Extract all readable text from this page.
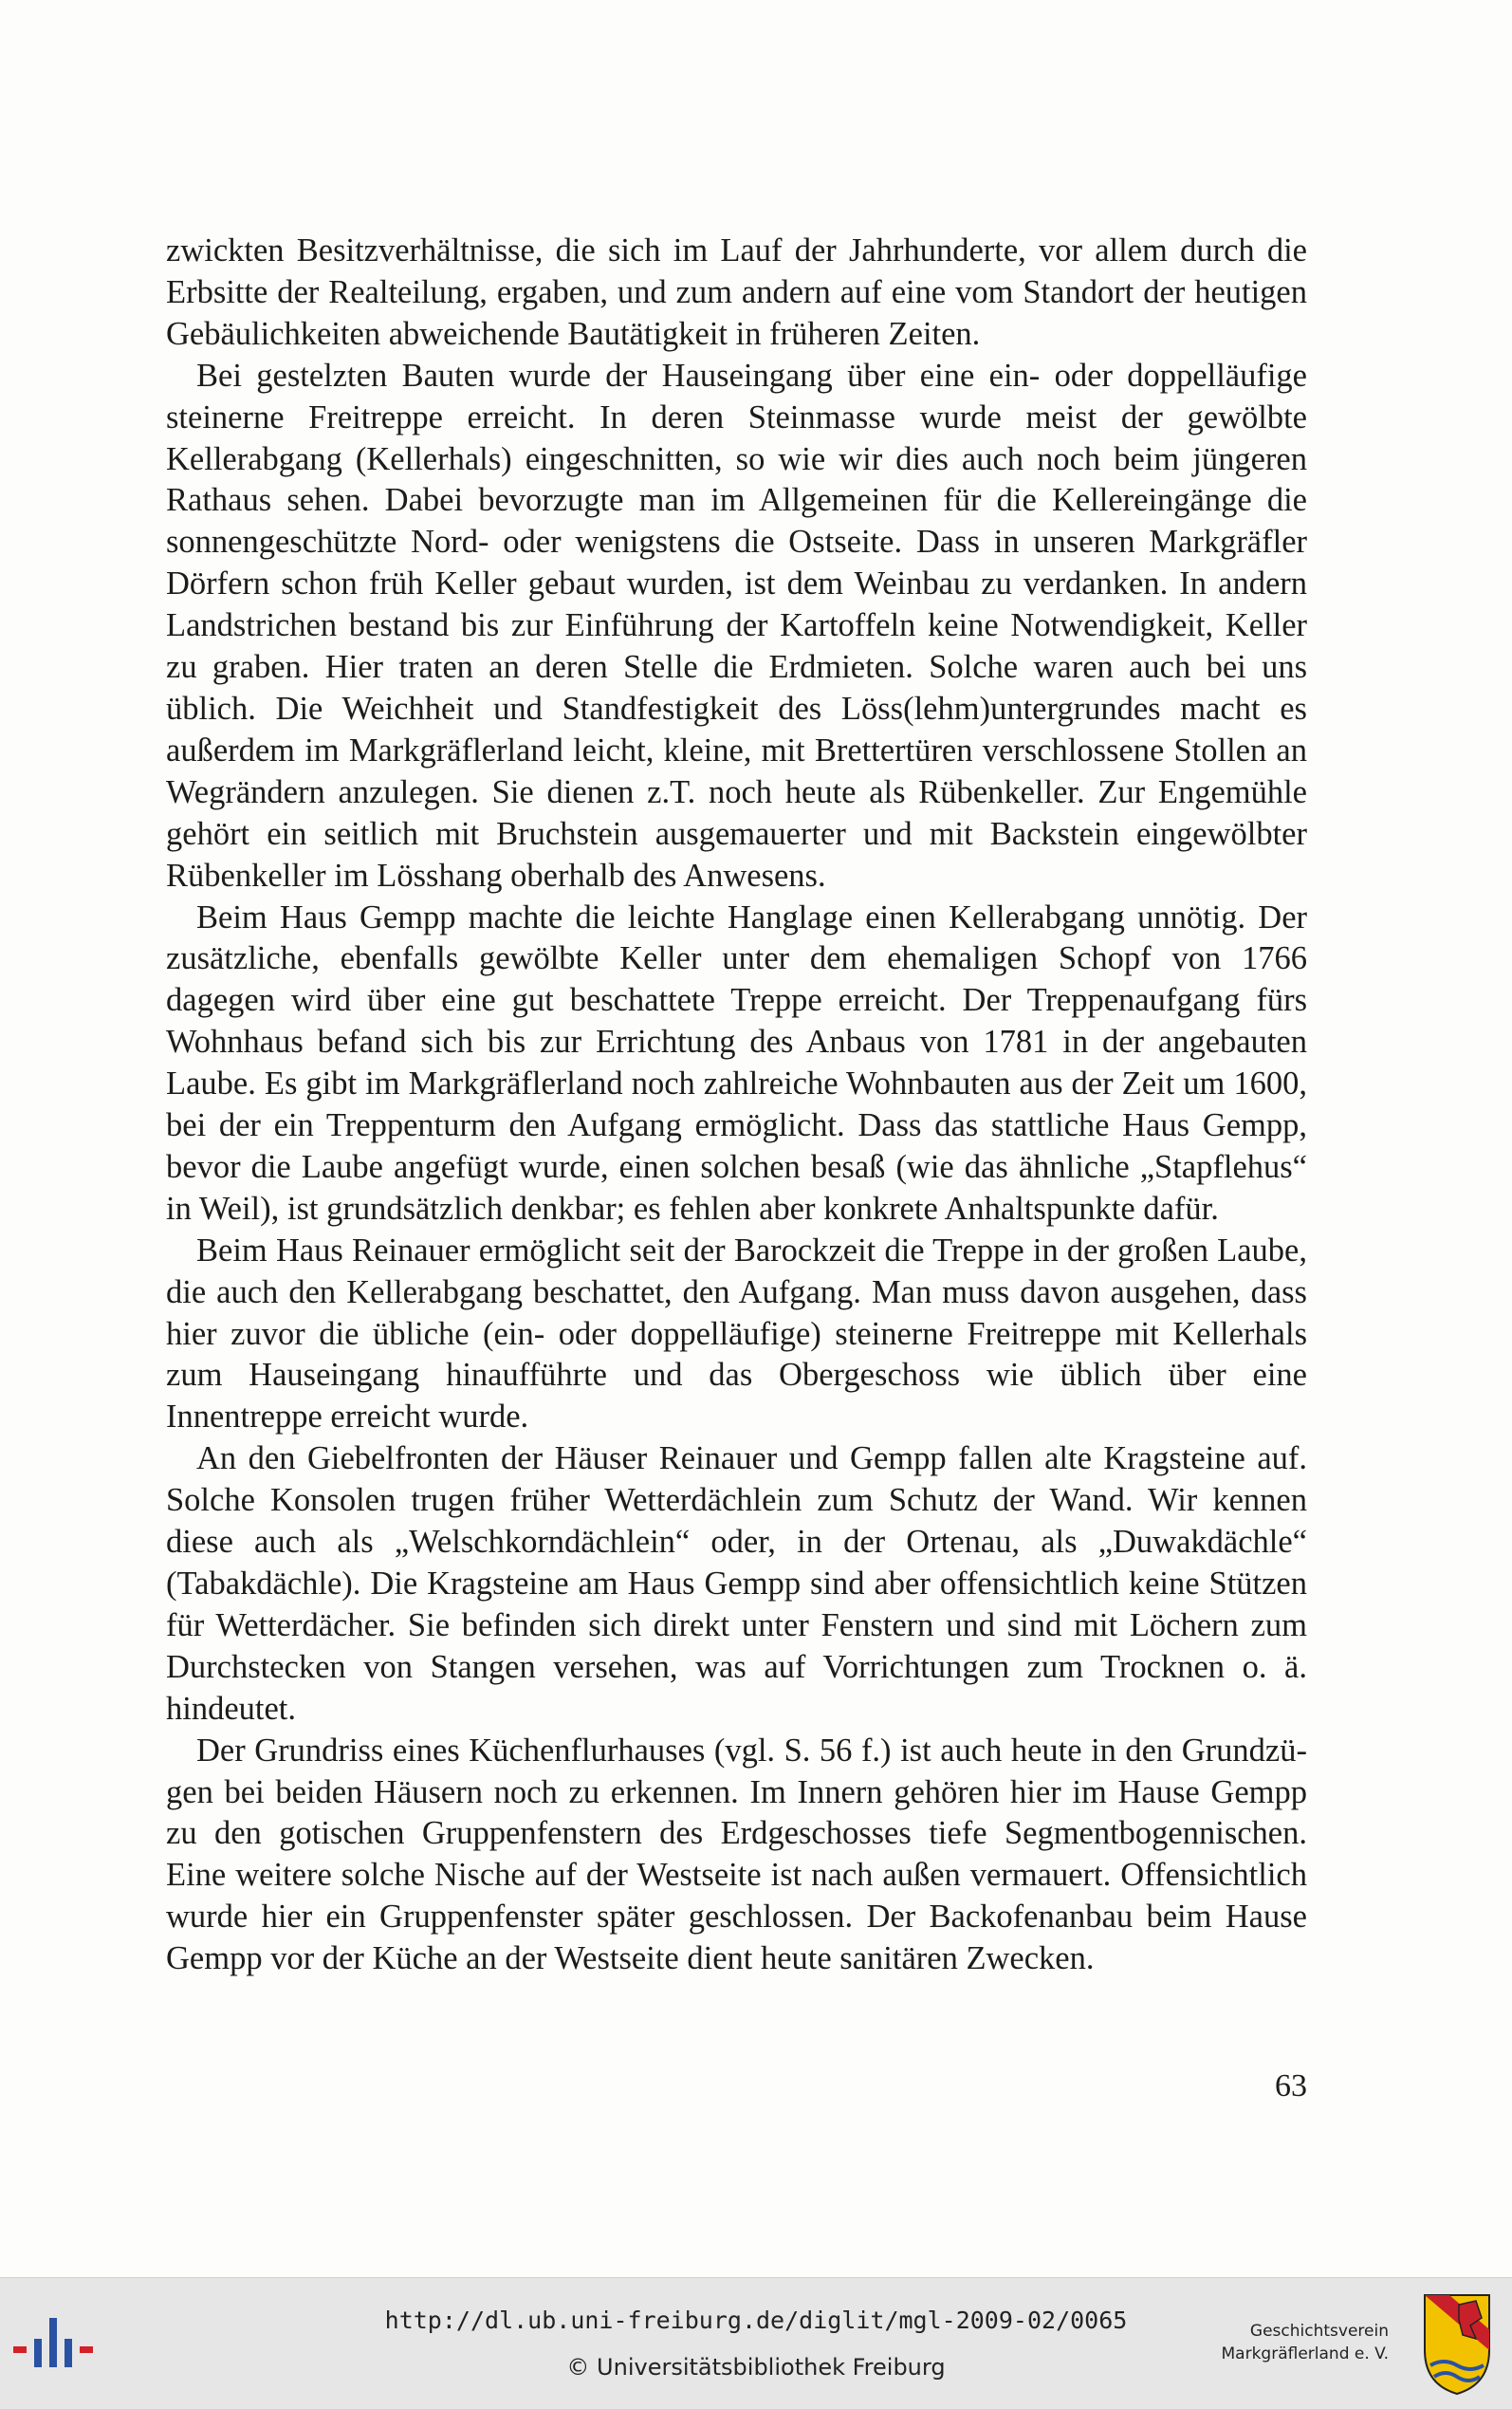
zwickten Besitzverhältnisse, die sich im Lauf der Jahrhunderte, vor allem durch die Erbsitte der Realteilung, ergaben, und zum andern auf eine vom Standort der heutigen Gebäulichkeiten abweichende Bautätigkeit in früheren Zeiten.

Bei gestelzten Bauten wurde der Hauseingang über eine ein- oder doppelläufige steinerne Freitreppe erreicht. In deren Steinmasse wurde meist der gewölbte Kellerabgang (Kellerhals) eingeschnitten, so wie wir dies auch noch beim jüngeren Rathaus sehen. Dabei bevorzugte man im Allgemeinen für die Kellereingänge die sonnengeschützte Nord- oder wenigstens die Ostseite. Dass in unseren Markgräfler Dörfern schon früh Keller gebaut wurden, ist dem Weinbau zu verdanken. In andern Landstrichen bestand bis zur Einführung der Kartoffeln keine Notwendigkeit, Keller zu graben. Hier traten an deren Stelle die Erdmieten. Solche waren auch bei uns üblich. Die Weichheit und Standfestigkeit des Löss(lehm)untergrundes macht es außerdem im Markgräflerland leicht, kleine, mit Brettertüren verschlossene Stollen an Wegrändern anzulegen. Sie dienen z.T. noch heute als Rübenkeller. Zur Engemühle gehört ein seitlich mit Bruchstein ausgemauerter und mit Backstein eingewölbter Rübenkeller im Lösshang oberhalb des Anwesens.

Beim Haus Gempp machte die leichte Hanglage einen Kellerabgang unnötig. Der zusätzliche, ebenfalls gewölbte Keller unter dem ehemaligen Schopf von 1766 dagegen wird über eine gut beschattete Treppe erreicht. Der Treppenaufgang fürs Wohnhaus befand sich bis zur Errichtung des Anbaus von 1781 in der angebauten Laube. Es gibt im Markgräflerland noch zahlreiche Wohnbauten aus der Zeit um 1600, bei der ein Treppenturm den Aufgang ermöglicht. Dass das stattliche Haus Gempp, bevor die Laube angefügt wurde, einen solchen besaß (wie das ähnliche „Stapflehus“ in Weil), ist grundsätzlich denkbar; es fehlen aber konkrete Anhaltspunkte dafür.

Beim Haus Reinauer ermöglicht seit der Barockzeit die Treppe in der großen Laube, die auch den Kellerabgang beschattet, den Aufgang. Man muss davon ausgehen, dass hier zuvor die übliche (ein- oder doppelläufige) steinerne Freitreppe mit Kellerhals zum Hauseingang hinaufführte und das Obergeschoss wie üblich über eine Innentreppe erreicht wurde.

An den Giebelfronten der Häuser Reinauer und Gempp fallen alte Kragsteine auf. Solche Konsolen trugen früher Wetterdächlein zum Schutz der Wand. Wir kennen diese auch als „Welschkorndächlein“ oder, in der Ortenau, als „Duwakdächle“ (Tabakdächle). Die Kragsteine am Haus Gempp sind aber offensichtlich keine Stützen für Wetterdächer. Sie befinden sich direkt unter Fenstern und sind mit Löchern zum Durchstecken von Stangen versehen, was auf Vorrichtungen zum Trocknen o. ä. hindeutet.

Der Grundriss eines Küchenflurhauses (vgl. S. 56 f.) ist auch heute in den Grundzügen bei beiden Häusern noch zu erkennen. Im Innern gehören hier im Hause Gempp zu den gotischen Gruppenfenstern des Erdgeschosses tiefe Segmentbogennischen. Eine weitere solche Nische auf der Westseite ist nach außen vermauert. Offensichtlich wurde hier ein Gruppenfenster später geschlossen. Der Backofenanbau beim Hause Gempp vor der Küche an der Westseite dient heute sanitären Zwecken.

63
http://dl.ub.uni-freiburg.de/diglit/mgl-2009-02/0065
© Universitätsbibliothek Freiburg
Geschichtsverein
Markgräflerland e. V.
